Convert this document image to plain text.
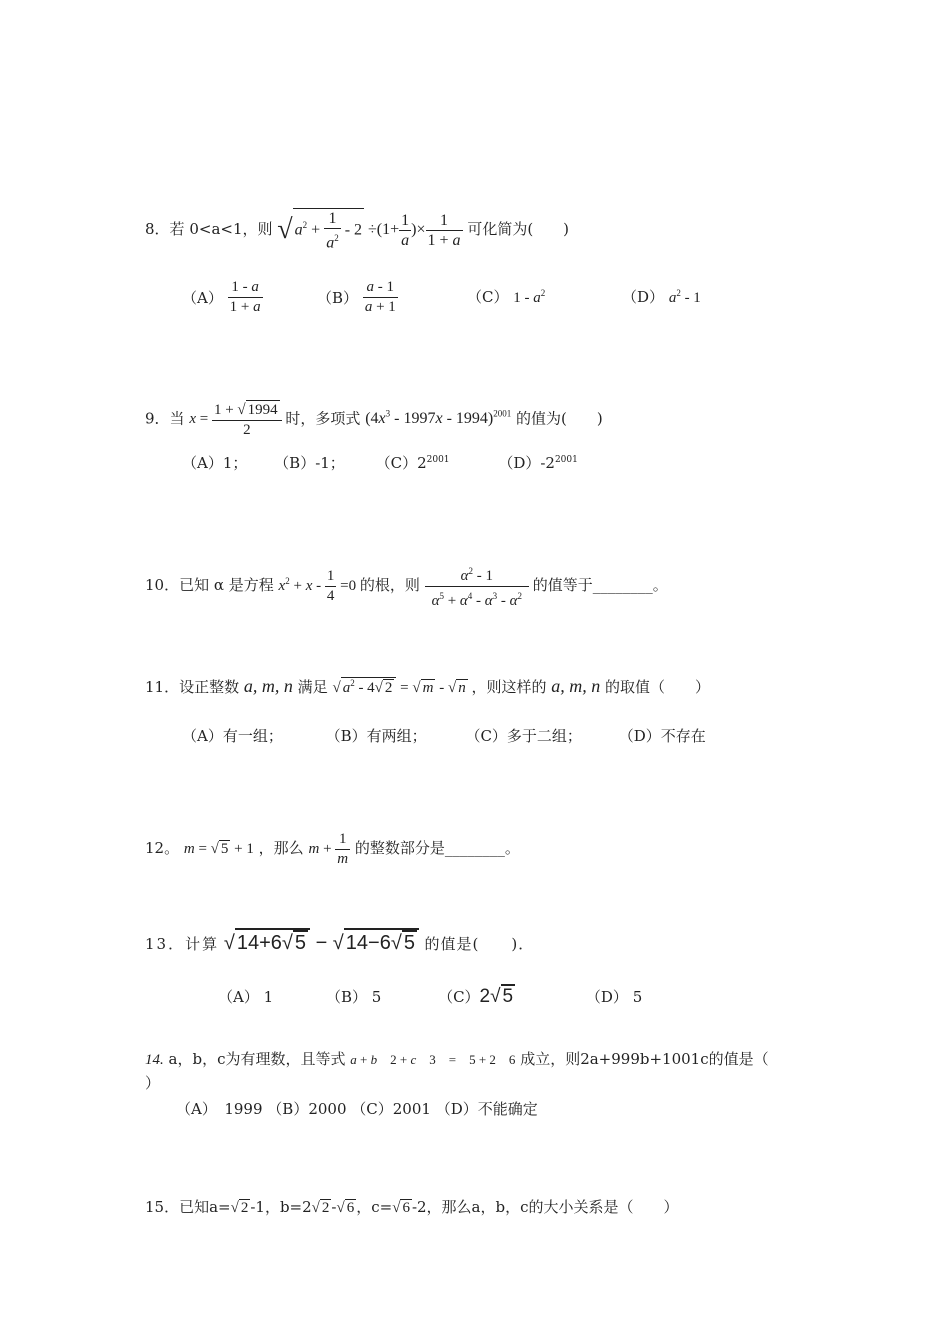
8．若 0<a<1，则 √ $a^2 + \frac{1}{a^2} - 2 \div(1+ \frac{1}{a}$ )× $\frac{1}{1 + a}$ 可化简为(　　)
$(A) \frac{1 - a}{1 + a}$	$(B) \frac{a - 1}{a + 1}$	（C） $1 - a^2$	（D） $a^2 - 1$
9．当 $x = \frac{1 + √ 1994}{2}$ 时，多项式 $(4x^3 - 1997x - 1994)^{2001}$ 的值为(　　)
（A）1； （B）-1； $(C)2^{2001}$	$(D)-2^{2001}$
10．已知 α 是方程 $x^2 + x - \frac{1}{4} =0$ 的根，则 $\frac{\alpha^2 - 1}{\alpha^5 + \alpha^4 - \alpha^3 - \alpha^2}$ 的值等于________。
11．设正整数 a, m, n 满足 √ $a^2 - 4√$ 2 = √ m - √ n ，则这样的 a, m, n 的取值（　　）
（A）有一组；	（B）有两组；	（C）多于二组； （D）不存在
12。 m = √ 5 + 1 ，那么 $m + \frac{1}{m}$ 的整数部分是________。
13．计算 √ 14+6√ 5 − √ 14−6√ 5 的值是(　　)．
（A） 1	（B） 5	（C）2√ 5	（D） 5
14. a，b，c为有理数，且等式 a + b　2 + c　3　=　5 + 2　6 成立，则2a+999b+1001c的值是（
）
（A）　1999 （B）2000 （C）2001 （D）不能确定
15．已知a=√ 2 -1，b=2√ 2 -√ 6 ，c=√ 6 -2，那么a，b，c的大小关系是（　　）
